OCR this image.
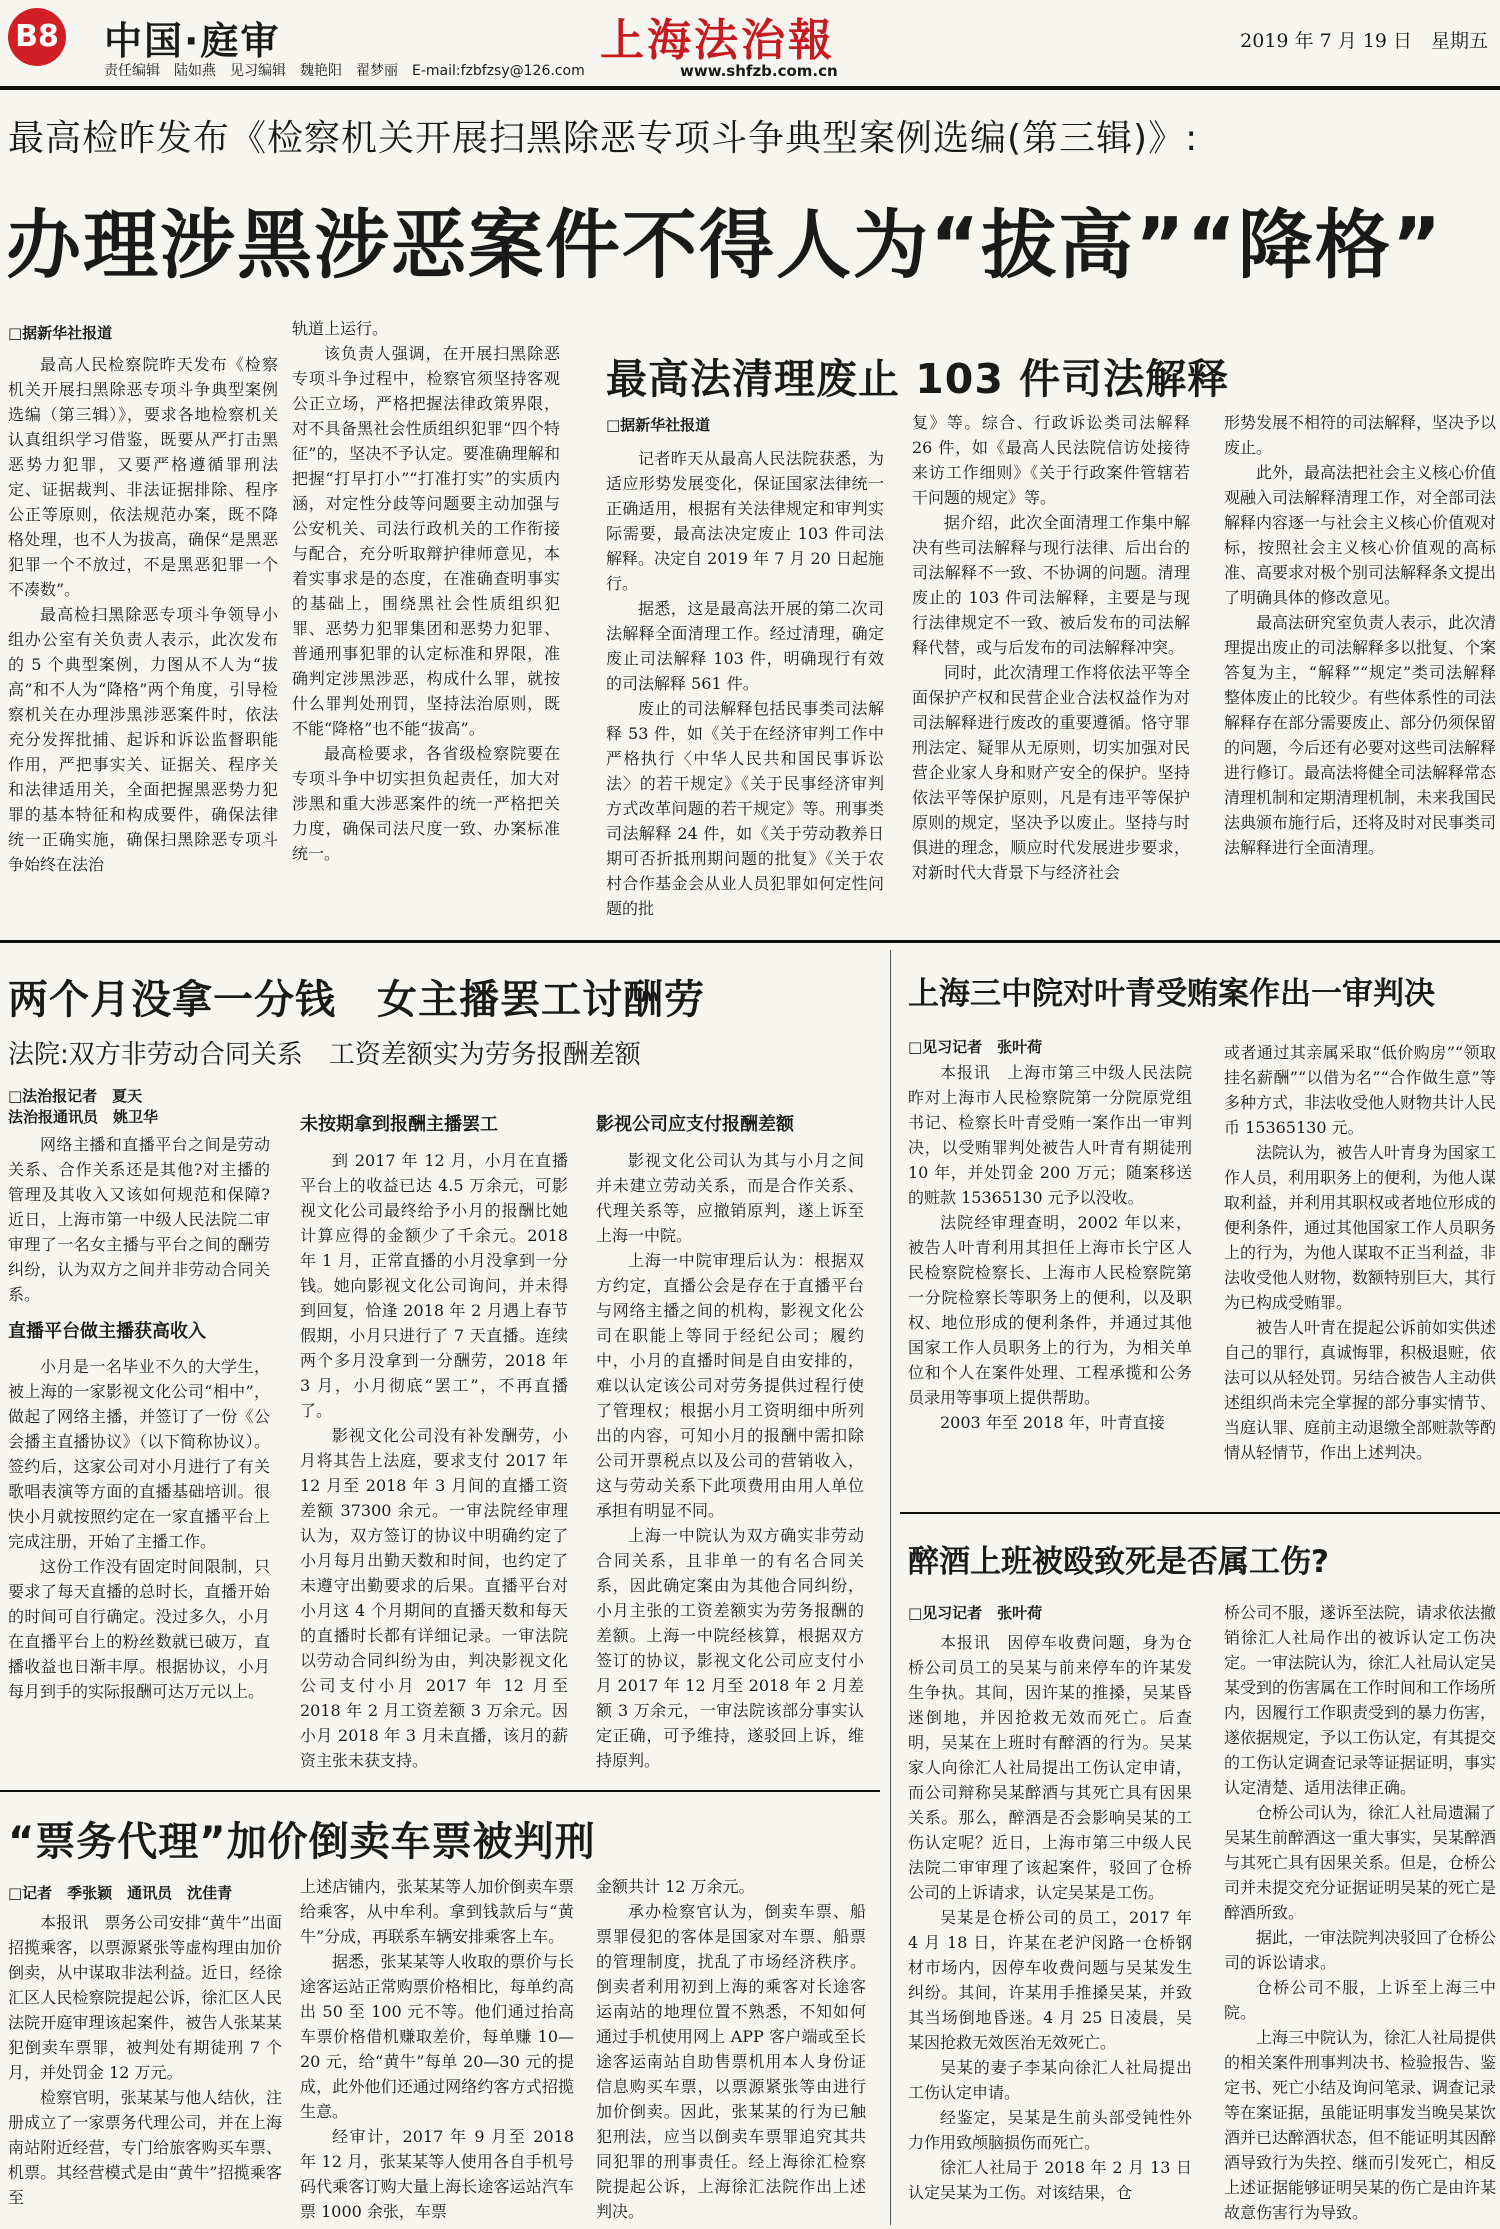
B8 中国·庭审
责任编辑　陆如燕　见习编辑　魏艳阳　翟梦丽　E-mail:fzbfzsy@126.com
上海法治報
www.shfzb.com.cn
2019 年 7 月 19 日　星期五
最高检昨发布《检察机关开展扫黑除恶专项斗争典型案例选编(第三辑)》:
办理涉黑涉恶案件不得人为“拔高”“降格”
□据新华社报道

最高人民检察院昨天发布《检察机关开展扫黑除恶专项斗争典型案例选编（第三辑）》，要求各地检察机关认真组织学习借鉴，既要从严打击黑恶势力犯罪，又要严格遵循罪刑法定、证据裁判、非法证据排除、程序公正等原则，依法规范办案，既不降格处理，也不人为拔高，确保“是黑恶犯罪一个不放过，不是黑恶犯罪一个不凑数”。

最高检扫黑除恶专项斗争领导小组办公室有关负责人表示，此次发布的 5 个典型案例，力图从不人为“拔高”和不人为“降格”两个角度，引导检察机关在办理涉黑涉恶案件时，依法充分发挥批捕、起诉和诉讼监督职能作用，严把事实关、证据关、程序关和法律适用关，全面把握黑恶势力犯罪的基本特征和构成要件，确保法律统一正确实施，确保扫黑除恶专项斗争始终在法治

轨道上运行。

该负责人强调，在开展扫黑除恶专项斗争过程中，检察官须坚持客观公正立场，严格把握法律政策界限，对不具备黑社会性质组织犯罪“四个特征”的，坚决不予认定。要准确理解和把握“打早打小”“打准打实”的实质内涵，对定性分歧等问题要主动加强与公安机关、司法行政机关的工作衔接与配合，充分听取辩护律师意见，本着实事求是的态度，在准确查明事实的基础上，围绕黑社会性质组织犯罪、恶势力犯罪集团和恶势力犯罪、普通刑事犯罪的认定标准和界限，准确判定涉黑涉恶，构成什么罪，就按什么罪判处刑罚，坚持法治原则，既不能“降格”也不能“拔高”。

最高检要求，各省级检察院要在专项斗争中切实担负起责任，加大对涉黑和重大涉恶案件的统一严格把关力度，确保司法尺度一致、办案标准统一。

最高法清理废止 103 件司法解释
□据新华社报道

记者昨天从最高人民法院获悉，为适应形势发展变化，保证国家法律统一正确适用，根据有关法律规定和审判实际需要，最高法决定废止 103 件司法解释。决定自 2019 年 7 月 20 日起施行。

据悉，这是最高法开展的第二次司法解释全面清理工作。经过清理，确定废止司法解释 103 件，明确现行有效的司法解释 561 件。

废止的司法解释包括民事类司法解释 53 件，如《关于在经济审判工作中严格执行〈中华人民共和国民事诉讼法〉的若干规定》《关于民事经济审判方式改革问题的若干规定》等。刑事类司法解释 24 件，如《关于劳动教养日期可否折抵刑期问题的批复》《关于农村合作基金会从业人员犯罪如何定性问题的批

复》等。综合、行政诉讼类司法解释 26 件，如《最高人民法院信访处接待来访工作细则》《关于行政案件管辖若干问题的规定》等。

据介绍，此次全面清理工作集中解决有些司法解释与现行法律、后出台的司法解释不一致、不协调的问题。清理废止的 103 件司法解释，主要是与现行法律规定不一致、被后发布的司法解释代替，或与后发布的司法解释冲突。

同时，此次清理工作将依法平等全面保护产权和民营企业合法权益作为对司法解释进行废改的重要遵循。恪守罪刑法定、疑罪从无原则，切实加强对民营企业家人身和财产安全的保护。坚持依法平等保护原则，凡是有违平等保护原则的规定，坚决予以废止。坚持与时俱进的理念，顺应时代发展进步要求，对新时代大背景下与经济社会

形势发展不相符的司法解释，坚决予以废止。

此外，最高法把社会主义核心价值观融入司法解释清理工作，对全部司法解释内容逐一与社会主义核心价值观对标，按照社会主义核心价值观的高标准、高要求对极个别司法解释条文提出了明确具体的修改意见。

最高法研究室负责人表示，此次清理提出废止的司法解释多以批复、个案答复为主，“解释”“规定”类司法解释整体废止的比较少。有些体系性的司法解释存在部分需要废止、部分仍须保留的问题，今后还有必要对这些司法解释进行修订。最高法将健全司法解释常态清理机制和定期清理机制，未来我国民法典颁布施行后，还将及时对民事类司法解释进行全面清理。

两个月没拿一分钱　女主播罢工讨酬劳
法院:双方非劳动合同关系　工资差额实为劳务报酬差额
□法治报记者　夏天
法治报通讯员　姚卫华

网络主播和直播平台之间是劳动关系、合作关系还是其他?对主播的管理及其收入又该如何规范和保障? 近日，上海市第一中级人民法院二审审理了一名女主播与平台之间的酬劳纠纷，认为双方之间并非劳动合同关系。

直播平台做主播获高收入

小月是一名毕业不久的大学生，被上海的一家影视文化公司“相中”，做起了网络主播，并签订了一份《公会播主直播协议》（以下简称协议）。签约后，这家公司对小月进行了有关歌唱表演等方面的直播基础培训。很快小月就按照约定在一家直播平台上完成注册，开始了主播工作。

这份工作没有固定时间限制，只要求了每天直播的总时长，直播开始的时间可自行确定。没过多久，小月在直播平台上的粉丝数就已破万，直播收益也日渐丰厚。根据协议，小月每月到手的实际报酬可达万元以上。

未按期拿到报酬主播罢工

到 2017 年 12 月，小月在直播平台上的收益已达 4.5 万余元，可影视文化公司最终给予小月的报酬比她计算应得的金额少了千余元。2018 年 1 月，正常直播的小月没拿到一分钱。她向影视文化公司询问，并未得到回复，恰逢 2018 年 2 月遇上春节假期，小月只进行了 7 天直播。连续两个多月没拿到一分酬劳，2018 年 3 月，小月彻底“罢工”，不再直播了。

影视文化公司没有补发酬劳，小月将其告上法庭，要求支付 2017 年 12 月至 2018 年 3 月间的直播工资差额 37300 余元。一审法院经审理认为，双方签订的协议中明确约定了小月每月出勤天数和时间，也约定了未遵守出勤要求的后果。直播平台对小月这 4 个月期间的直播天数和每天的直播时长都有详细记录。一审法院以劳动合同纠纷为由，判决影视文化公司支付小月 2017 年 12 月至 2018 年 2 月工资差额 3 万余元。因小月 2018 年 3 月未直播，该月的薪资主张未获支持。

影视公司应支付报酬差额

影视文化公司认为其与小月之间并未建立劳动关系，而是合作关系、代理关系等，应撤销原判，遂上诉至上海一中院。

上海一中院审理后认为：根据双方约定，直播公会是存在于直播平台与网络主播之间的机构，影视文化公司在职能上等同于经纪公司；履约中，小月的直播时间是自由安排的，难以认定该公司对劳务提供过程行使了管理权；根据小月工资明细中所列出的内容，可知小月的报酬中需扣除公司开票税点以及公司的营销收入，这与劳动关系下此项费用由用人单位承担有明显不同。

上海一中院认为双方确实非劳动合同关系，且非单一的有名合同关系，因此确定案由为其他合同纠纷，小月主张的工资差额实为劳务报酬的差额。上海一中院经核算，根据双方签订的协议，影视文化公司应支付小月 2017 年 12 月至 2018 年 2 月差额 3 万余元，一审法院该部分事实认定正确，可予维持，遂驳回上诉，维持原判。

“票务代理”加价倒卖车票被判刑
□记者　季张颖　通讯员　沈佳青

本报讯　票务公司安排“黄牛”出面招揽乘客，以票源紧张等虚构理由加价倒卖，从中谋取非法利益。近日，经徐汇区人民检察院提起公诉，徐汇区人民法院开庭审理该起案件，被告人张某某犯倒卖车票罪，被判处有期徒刑 7 个月，并处罚金 12 万元。

检察官明，张某某与他人结伙，注册成立了一家票务代理公司，并在上海南站附近经营，专门给旅客购买车票、机票。其经营模式是由“黄牛”招揽乘客至

上述店铺内，张某某等人加价倒卖车票给乘客，从中牟利。拿到钱款后与“黄牛”分成，再联系车辆安排乘客上车。

据悉，张某某等人收取的票价与长途客运站正常购票价格相比，每单约高出 50 至 100 元不等。他们通过抬高车票价格借机赚取差价，每单赚 10—20 元，给“黄牛”每单 20—30 元的提成，此外他们还通过网络约客方式招揽生意。

经审计，2017 年 9 月至 2018 年 12 月，张某某等人使用各自手机号码代乘客订购大量上海长途客运站汽车票 1000 余张，车票

金额共计 12 万余元。

承办检察官认为，倒卖车票、船票罪侵犯的客体是国家对车票、船票的管理制度，扰乱了市场经济秩序。倒卖者利用初到上海的乘客对长途客运南站的地理位置不熟悉，不知如何通过手机使用网上 APP 客户端或至长途客运南站自助售票机用本人身份证信息购买车票，以票源紧张等由进行加价倒卖。因此，张某某的行为已触犯刑法，应当以倒卖车票罪追究其共同犯罪的刑事责任。经上海徐汇检察院提起公诉，上海徐汇法院作出上述判决。

上海三中院对叶青受贿案作出一审判决
□见习记者　张叶荷

本报讯　上海市第三中级人民法院昨对上海市人民检察院第一分院原党组书记、检察长叶青受贿一案作出一审判决，以受贿罪判处被告人叶青有期徒刑 10 年，并处罚金 200 万元；随案移送的赃款 15365130 元予以没收。

法院经审理查明，2002 年以来，被告人叶青利用其担任上海市长宁区人民检察院检察长、上海市人民检察院第一分院检察长等职务上的便利，以及职权、地位形成的便利条件，并通过其他国家工作人员职务上的行为，为相关单位和个人在案件处理、工程承揽和公务员录用等事项上提供帮助。

2003 年至 2018 年，叶青直接

或者通过其亲属采取“低价购房”“领取挂名薪酬”“以借为名”“合作做生意”等多种方式，非法收受他人财物共计人民币 15365130 元。

法院认为，被告人叶青身为国家工作人员，利用职务上的便利，为他人谋取利益，并利用其职权或者地位形成的便利条件，通过其他国家工作人员职务上的行为，为他人谋取不正当利益，非法收受他人财物，数额特别巨大，其行为已构成受贿罪。

被告人叶青在提起公诉前如实供述自己的罪行，真诚悔罪，积极退赃，依法可以从轻处罚。另结合被告人主动供述组织尚未完全掌握的部分事实情节、当庭认罪、庭前主动退缴全部赃款等酌情从轻情节，作出上述判决。

醉酒上班被殴致死是否属工伤?
□见习记者　张叶荷

本报讯　因停车收费问题，身为仓桥公司员工的吴某与前来停车的许某发生争执。其间，因许某的推搡，吴某昏迷倒地，并因抢救无效而死亡。后查明，吴某在上班时有醉酒的行为。吴某家人向徐汇人社局提出工伤认定申请，而公司辩称吴某醉酒与其死亡具有因果关系。那么，醉酒是否会影响吴某的工伤认定呢？近日，上海市第三中级人民法院二审审理了该起案件，驳回了仓桥公司的上诉请求，认定吴某是工伤。

吴某是仓桥公司的员工，2017 年 4 月 18 日，许某在老沪闵路一仓桥钢材市场内，因停车收费问题与吴某发生纠纷。其间，许某用手推搡吴某，并致其当场倒地昏迷。4 月 25 日凌晨，吴某因抢救无效医治无效死亡。

吴某的妻子李某向徐汇人社局提出工伤认定申请。

经鉴定，吴某是生前头部受钝性外力作用致颅脑损伤而死亡。

徐汇人社局于 2018 年 2 月 13 日认定吴某为工伤。对该结果，仓

桥公司不服，遂诉至法院，请求依法撤销徐汇人社局作出的被诉认定工伤决定。一审法院认为，徐汇人社局认定吴某受到的伤害属在工作时间和工作场所内，因履行工作职责受到的暴力伤害，遂依据规定，予以工伤认定，有其提交的工伤认定调查记录等证据证明，事实认定清楚、适用法律正确。

仓桥公司认为，徐汇人社局遗漏了吴某生前醉酒这一重大事实，吴某醉酒与其死亡具有因果关系。但是，仓桥公司并未提交充分证据证明吴某的死亡是醉酒所致。

据此，一审法院判决驳回了仓桥公司的诉讼请求。

仓桥公司不服，上诉至上海三中院。

上海三中院认为，徐汇人社局提供的相关案件刑事判决书、检验报告、鉴定书、死亡小结及询问笔录、调查记录等在案证据，虽能证明事发当晚吴某饮酒并已达醉酒状态，但不能证明其因醉酒导致行为失控、继而引发死亡，相反上述证据能够证明吴某的伤亡是由许某故意伤害行为导致。
